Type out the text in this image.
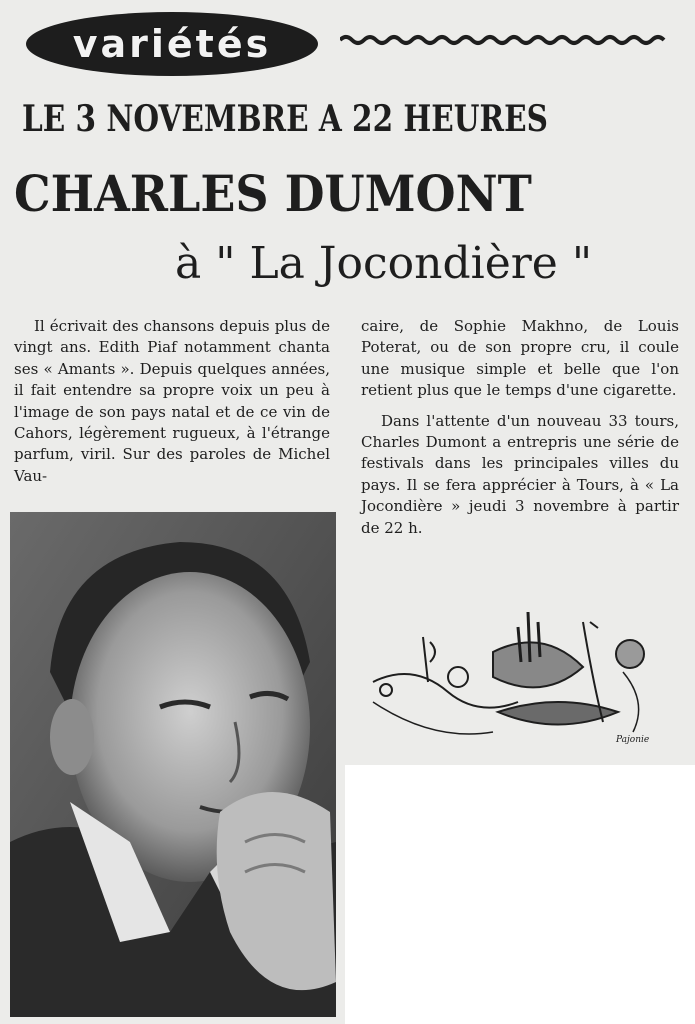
variétés
LE 3 NOVEMBRE A 22 HEURES
CHARLES DUMONT
à " La Jocondière "

Il écrivait des chansons depuis plus de vingt ans. Edith Piaf notamment chanta ses « Amants ». Depuis quelques années, il fait entendre sa propre voix un peu à l'image de son pays natal et de ce vin de Cahors, légèrement rugueux, à l'étrange parfum, viril. Sur des paroles de Michel Vau-

caire, de Sophie Makhno, de Louis Poterat, ou de son propre cru, il coule une musique simple et belle que l'on retient plus que le temps d'une cigarette.

Dans l'attente d'un nouveau 33 tours, Charles Dumont a entrepris une série de festivals dans les principales villes du pays. Il se fera apprécier à Tours, à « La Jocondière » jeudi 3 novembre à partir de 22 h.

Pajonie
